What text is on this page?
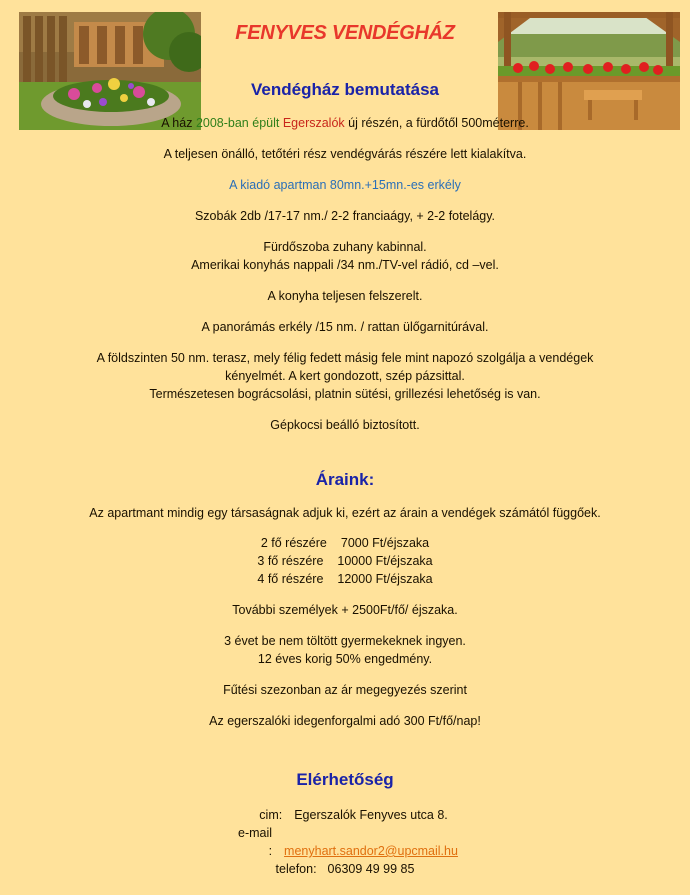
FENYVES VENDÉGHÁZ
Vendégház bemutatása

A ház 2008-ban épült Egerszalók új részén, a fürdőtől 500méterre.

A teljesen önálló, tetőtéri rész vendégvárás részére lett kialakítva.

A kiadó apartman 80mn.+15mn.-es erkély

Szobák 2db /17-17 nm./ 2-2 franciaágy, + 2-2 fotelágy.

Fürdőszoba zuhany kabinnal.

Amerikai konyhás nappali /34 nm./TV-vel rádió, cd –vel.

A konyha teljesen felszerelt.

A panorámás erkély /15 nm. / rattan ülőgarnitúrával.

A földszinten 50 nm. terasz, mely félig fedett másig fele mint napozó szolgálja a vendégek kényelmét. A kert gondozott, szép pázsittal.

Természetesen bográcsolási, platnin sütési, grillezési lehetőség is van.

Gépkocsi beálló biztosított.

Áraink:

Az apartmant mindig egy társaságnak adjuk ki, ezért az árain a vendégek számától függőek.

2 fő részére 7000 Ft/éjszaka

3 fő részére 10000 Ft/éjszaka

4 fő részére 12000 Ft/éjszaka

További személyek + 2500Ft/fő/ éjszaka.

3 évet be nem töltött gyermekeknek ingyen.

12 éves korig 50% engedmény.

Fűtési szezonban az ár megegyezés szerint

Az egerszalóki idegenforgalmi adó 300 Ft/fő/nap!

Elérhetőség
cim: Egerszalók Fenyves utca 8.
e-mail : menyhart.sandor2@upcmail.hu
telefon: 06309 49 99 85
